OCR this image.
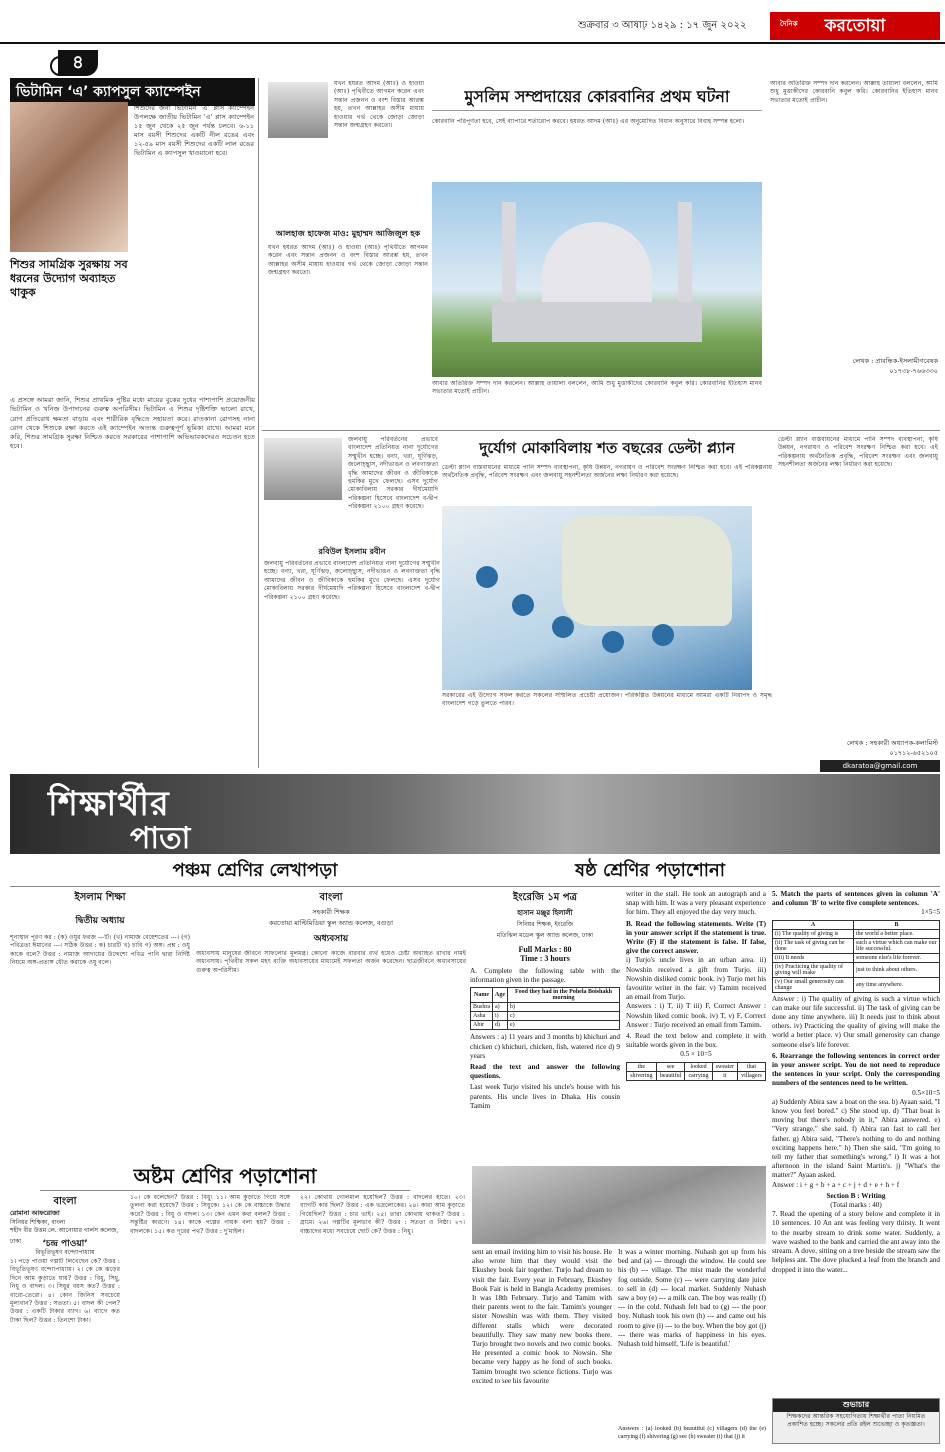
শুক্রবার ৩ আষাঢ় ১৪২৯ : ১৭ জুন ২০২২	দৈনিক করতোয়া
৪
ভিটামিন ‘এ’ ক্যাপসুল ক্যাম্পেইন
শিশুদের জন্য ভিটামিন ‘এ’ প্লাস ক্যাম্পেইন উপলক্ষে জাতীয় ভিটামিন ‘এ’ প্লাস ক্যাম্পেইন ১৫ জুন থেকে ২৫ জুন পর্যন্ত চলবে। ৬-১১ মাস বয়সী শিশুদের একটি নীল রঙের এবং ১২-৫৯ মাস বয়সী শিশুদের একটি লাল রঙের ভিটামিন এ ক্যাপসুল খাওয়ানো হবে।
শিশুর সামগ্রিক সুরক্ষায় সব ধরনের উদ্যোগ অব্যাহত থাকুক
এ প্রসঙ্গে আমরা জানি, শিশুর প্রাথমিক পুষ্টির মধ্যে মায়ের বুকের দুধের পাশাপাশি প্রয়োজনীয় ভিটামিন ও খনিজ উপাদানের গুরুত্ব অপরিসীম। ভিটামিন এ শিশুর দৃষ্টিশক্তি ভালো রাখে, রোগ প্রতিরোধ ক্ষমতা বাড়ায় এবং শারীরিক বৃদ্ধিতে সহায়তা করে। রাতকানা রোগসহ নানা রোগ থেকে শিশুকে রক্ষা করতে এই ক্যাম্পেইন অত্যন্ত গুরুত্বপূর্ণ ভূমিকা রাখে। আমরা মনে করি, শিশুর সামগ্রিক সুরক্ষা নিশ্চিত করতে সরকারের পাশাপাশি অভিভাবকদেরও সচেতন হতে হবে।
যখন হযরত আদম (আঃ) ও হাওয়া (আঃ) পৃথিবীতে আগমন করেন এবং সন্তান প্রজনন ও বংশ বিস্তার আরম্ভ হয়, তখন আল্লাহর অসীম মায়ায় হাওয়ার গর্ভ থেকে জোড়া জোড়া সন্তান জন্মগ্রহণ করতো।
মুসলিম সম্প্রদায়ের কোরবানির প্রথম ঘটনা
কোরবানি পরিপূর্ণতা হবে, সেই ব্যাপারে শর্তারোপ করবে। হযরত আদম (আঃ) এর অনুমোদিত বিধান অনুসারে বিবাহ সম্পন্ন হলো।
আলহাজ হাফেজ মাও: মুহাম্মদ আজিজুল হক
যখন হযরত আদম (আঃ) ও হাওয়া (আঃ) পৃথিবীতে আগমন করেন এবং সন্তান প্রজনন ও বংশ বিস্তার আরম্ভ হয়, তখন আল্লাহর অসীম মায়ায় হাওয়ার গর্ভ থেকে জোড়া জোড়া সন্তান জন্মগ্রহণ করতো।
আবার অতিরিক্ত সম্পদ দান করলেন। আল্লাহ তায়ালা বললেন, আমি শুধু মুত্তাকীদের কোরবানি কবুল করি। কোরবানির ইতিহাস মানব সভ্যতার মতোই প্রাচীন।
আবার অতিরিক্ত সম্পদ দান করলেন। আল্লাহ তায়ালা বললেন, আমি শুধু মুত্তাকীদের কোরবানি কবুল করি। কোরবানির ইতিহাস মানব সভ্যতার মতোই প্রাচীন।
লেখক : প্রাবন্ধিক-ইসলামীগবেষক
০১৭৩৮-৭৬৬৩৩০
জলবায়ু পরিবর্তনের প্রভাবে বাংলাদেশ প্রতিনিয়ত নানা দুর্যোগের সম্মুখীন হচ্ছে। বন্যা, খরা, ঘূর্ণিঝড়, জলোচ্ছ্বাস, নদীভাঙন ও লবণাক্ততা বৃদ্ধি আমাদের জীবন ও জীবিকাকে হুমকির মুখে ফেলছে। এসব দুর্যোগ মোকাবিলায় সরকার দীর্ঘমেয়াদি পরিকল্পনা হিসেবে বাংলাদেশ ব-দ্বীপ পরিকল্পনা ২১০০ গ্রহণ করেছে।
দুর্যোগ মোকাবিলায় শত বছরের ডেল্টা প্ল্যান
রবিউল ইসলাম রবীন
জলবায়ু পরিবর্তনের প্রভাবে বাংলাদেশ প্রতিনিয়ত নানা দুর্যোগের সম্মুখীন হচ্ছে। বন্যা, খরা, ঘূর্ণিঝড়, জলোচ্ছ্বাস, নদীভাঙন ও লবণাক্ততা বৃদ্ধি আমাদের জীবন ও জীবিকাকে হুমকির মুখে ফেলছে। এসব দুর্যোগ মোকাবিলায় সরকার দীর্ঘমেয়াদি পরিকল্পনা হিসেবে বাংলাদেশ ব-দ্বীপ পরিকল্পনা ২১০০ গ্রহণ করেছে।
ডেল্টা প্ল্যান বাস্তবায়নের মাধ্যমে পানি সম্পদ ব্যবস্থাপনা, কৃষি উন্নয়ন, নগরায়ণ ও পরিবেশ সংরক্ষণ নিশ্চিত করা হবে। এই পরিকল্পনায় অর্থনৈতিক প্রবৃদ্ধি, পরিবেশ সংরক্ষণ এবং জলবায়ু সহনশীলতা অর্জনের লক্ষ্য নির্ধারণ করা হয়েছে।
সরকারের এই উদ্যোগ সফল করতে সকলের সম্মিলিত প্রচেষ্টা প্রয়োজন। পরিকল্পিত উন্নয়নের মাধ্যমে আমরা একটি নিরাপদ ও সমৃদ্ধ বাংলাদেশ গড়ে তুলতে পারব।
ডেল্টা প্ল্যান বাস্তবায়নের মাধ্যমে পানি সম্পদ ব্যবস্থাপনা, কৃষি উন্নয়ন, নগরায়ণ ও পরিবেশ সংরক্ষণ নিশ্চিত করা হবে। এই পরিকল্পনায় অর্থনৈতিক প্রবৃদ্ধি, পরিবেশ সংরক্ষণ এবং জলবায়ু সহনশীলতা অর্জনের লক্ষ্য নির্ধারণ করা হয়েছে।
লেখক : সহকারী অধ্যাপক-কলামিস্ট
০১৭১২-৬৫২১০৫
dkaratoa@gmail.com
শিক্ষার্থীর
পাতা
পঞ্চম শ্রেণির লেখাপড়া	ষষ্ঠ শ্রেণির পড়াশোনা
ইসলাম শিক্ষা
দ্বিতীয় অধ্যায়
শূন্যস্থান পূরণ কর : (ক) ওযুর ফরজ ---টি। (খ) নামাজ বেহেশতের ---। (গ) পবিত্রতা ঈমানের ---। সঠিক উত্তর : ক) চারটি খ) চাবি গ) অঙ্গ। প্রশ্ন : ওযু কাকে বলে? উত্তর : নামাজ আদায়ের উদ্দেশ্যে পবিত্র পানি দ্বারা নির্দিষ্ট নিয়মে অঙ্গ-প্রত্যঙ্গ ধৌত করাকে ওযু বলে।
বাংলা
সহকারী শিক্ষক
করতোয়া মাল্টিমিডিয়া স্কুল অ্যান্ড কলেজ, বগুড়া
অধ্যবসায়
অধ্যবসায় মানুষের জীবনে সাফল্যের মূলমন্ত্র। কোনো কাজে বারবার ব্যর্থ হয়েও চেষ্টা অব্যাহত রাখার নামই অধ্যবসায়। পৃথিবীর সকল মহৎ ব্যক্তি অধ্যবসায়ের মাধ্যমেই সফলতা অর্জন করেছেন। ছাত্রজীবনে অধ্যবসায়ের গুরুত্ব অপরিসীম।
ইংরেজি ১ম পত্র
হাসান মঞ্জুর হিলালী
সিনিয়র শিক্ষক, ইংরেজি
মতিঝিল মডেল স্কুল অ্যান্ড কলেজ, ঢাকা
Full Marks : 80
Time : 3 hours
A. Complete the following table with the information given in the passage.
Name	Age	Food they had in the Pohela Boishakh morning
Bushra	a)	b)
Asha	i)	c)
Abir	d)	e)
Answers : a) 11 years and 3 months b) khichuri and chicken c) khichuri, chicken, fish, watered rice d) 9 years
Read the text and answer the following questions.
Last week Turjo visited his uncle's house with his parents. His uncle lives in Dhaka. His cousin Tamim
writer in the stall. He took an autograph and a snap with him. It was a very pleasant experience for him. They all enjoyed the day very much.
B. Read the following statements. Write (T) in your answer script if the statement is true. Write (F) if the statement is false. If false, give the correct answer.
i) Turjo's uncle lives in an urban area. ii) Nowshin received a gift from Turjo. iii) Nowshin disliked comic book. iv) Turjo met his favourite writer in the fair. v) Tamim received an email from Turjo.
Answers : i) T, ii) T iii) F, Correct Answer : Nowshin liked comic book. iv) T, v) F, Correct Answer : Turjo received an email from Tamim.
4. Read the text below and complete it with suitable words given in the box.
0.5 × 10=5
the	see	looked	sweater	that
shivering	beautiful	carrying	it	villagers
5. Match the parts of sentences given in column 'A' and column 'B' to write five complete sentences.
1×5=5
A	B
(i) The quality of giving is	the world a better place.
(ii) The task of giving can be done	such a virtue which can make our life successful.
(iii) It needs	someone else's life forever.
(iv) Practicing the quality of giving will make	just to think about others.
(v) Our small generosity can change	any time anywhere.
Answer : i) The quality of giving is such a virtue which can make our life successful. ii) The task of giving can be done any time anywhere. iii) It needs just to think about others. iv) Practicing the quality of giving will make the world a better place. v) Our small generosity can change someone else's life forever.
6. Rearrange the following sentences in correct order in your answer script. You do not need to reproduce the sentences in your script. Only the corresponding numbers of the sentences need to be written.
0.5×10=5
a) Suddenly Abira saw a boat on the sea. b) Ayaan said, "I know you feel bored." c) She stood up. d) "That boat is moving but there's nobody in it," Abira answered. e) "Very strange," she said. f) Abira ran fast to call her father. g) Abira said, "There's nothing to do and nothing exciting happens here." h) Then she said, "I'm going to tell my father that something's wrong." i) It was a hot afternoon in the island Saint Martin's. j) "What's the matter?" Ayaan asked.
Answer : i + g + b + a + c + j + d + e + h + f
Section B : Writing
(Total marks : 40)
7. Read the opening of a story below and complete it in 10 sentences. 10 An ant was feeling very thirsty. It went to the nearby stream to drink some water. Suddenly, a wave washed to the bank and carried the ant away into the stream. A dove, sitting on a tree beside the stream saw the helpless ant. The dove plucked a leaf from the branch and dropped it into the water...
sent an email inviting him to visit his house. He also wrote him that they would visit the Ekushey book fair together. Turjo had dream to visit the fair. Every year in February, Ekushey Book Fair is held in Bangla Academy premises. It was 18th February. Turjo and Tamim with their parents went to the fair. Tamim's younger sister Nowshin was with them. They visited different stalls which were decorated beautifully. They saw many new books there. Turjo brought two novels and two comic books. He presented a comic book to Nowsin. She became very happy as he fond of such books. Tamim brought two science fictions. Turjo was excited to see his favourite
It was a winter morning. Nuhash got up from his bed and (a) --- through the window. He could see his (b) --- village. The mist made the wonderful fog outside. Some (c) --- were carrying date juice to sell in (d) --- local market. Suddenly Nuhash saw a boy (e) --- a milk can. The boy was really (f) --- in the cold. Nuhash felt bad to (g) --- the poor boy. Nuhash took his own (h) --- and came out his room to give (i) --- to the boy. When the boy got (j) --- there was marks of happiness in his eyes. Nuhash told himself, 'Life is beautiful.'
Answers : (a) looked (b) beautiful (c) villagers (d) the (e) carrying (f) shivering (g) see (h) sweater (i) that (j) it
অষ্টম শ্রেণির পড়াশোনা
বাংলা
রোমানা আফরোজা
সিনিয়র শিক্ষিকা, বাংলা
শহীদ বীর উত্তম লে. আনোয়ার গার্লস কলেজ, ঢাকা	‘চন্দ্র পাওয়া’
বিভূতিভূষণ বন্দ্যোপাধ্যায়
১। পড়ে পাওয়া গল্পটি লিখেছেন কে? উত্তর : বিভূতিভূষণ বন্দ্যোপাধ্যায়। ২। কে কে ঝড়ের দিনে আম কুড়াতে যায়? উত্তর : বিধু, সিধু, নিধু ও বাদল। ৩। সিধুর বয়স কত? উত্তর : বারো-তেরো। ৪। কোন জিনিস সবচেয়ে মূল্যবান? উত্তর : সততা। ৫। বাদল কী পেল? উত্তর : একটি টাকার ব্যাগ। ৬। ব্যাগে কত টাকা ছিল? উত্তর : তিনশো টাকা।
১০। কে বলেছেন? উত্তর : বিধু। ১১। আম কুড়াতে গিয়ে সঙ্গে তুলনা করা হয়েছে? উত্তর : সিধুকে। ১২। কে কে বাচ্চাকে উদ্ধার করে? উত্তর : বিধু ও বাদল। ১৩। কেন এমন কথা বলল? উত্তর : সন্তুষ্টির কারণে। ১৪। কাকে গল্পের নায়ক বলা হয়? উত্তর : বাদলকে। ১৫। কত দূরের পথ? উত্তর : দু'মাইল।
২২। কোথায় গোলমাল হয়েছিল? উত্তর : বাদলের হাতে। ২৩। ব্যাগটি কার ছিল? উত্তর : এক ভদ্রলোকের। ২৪। কারা আম কুড়াতে গিয়েছিল? উত্তর : চার ভাই। ২৫। তারা কোথায় থাকত? উত্তর : গ্রামে। ২৬। গল্পটির মূলভাব কী? উত্তর : সততা ও নিষ্ঠা। ২৭। বাচ্চাদের মধ্যে সবচেয়ে ছোট কে? উত্তর : নিধু।
শুভাচার
শিক্ষকদের আন্তরিক সহযোগিতায় শিক্ষার্থীর পাতা নিয়মিত প্রকাশিত হচ্ছে। সকলের প্রতি রইল শুভেচ্ছা ও কৃতজ্ঞতা।
